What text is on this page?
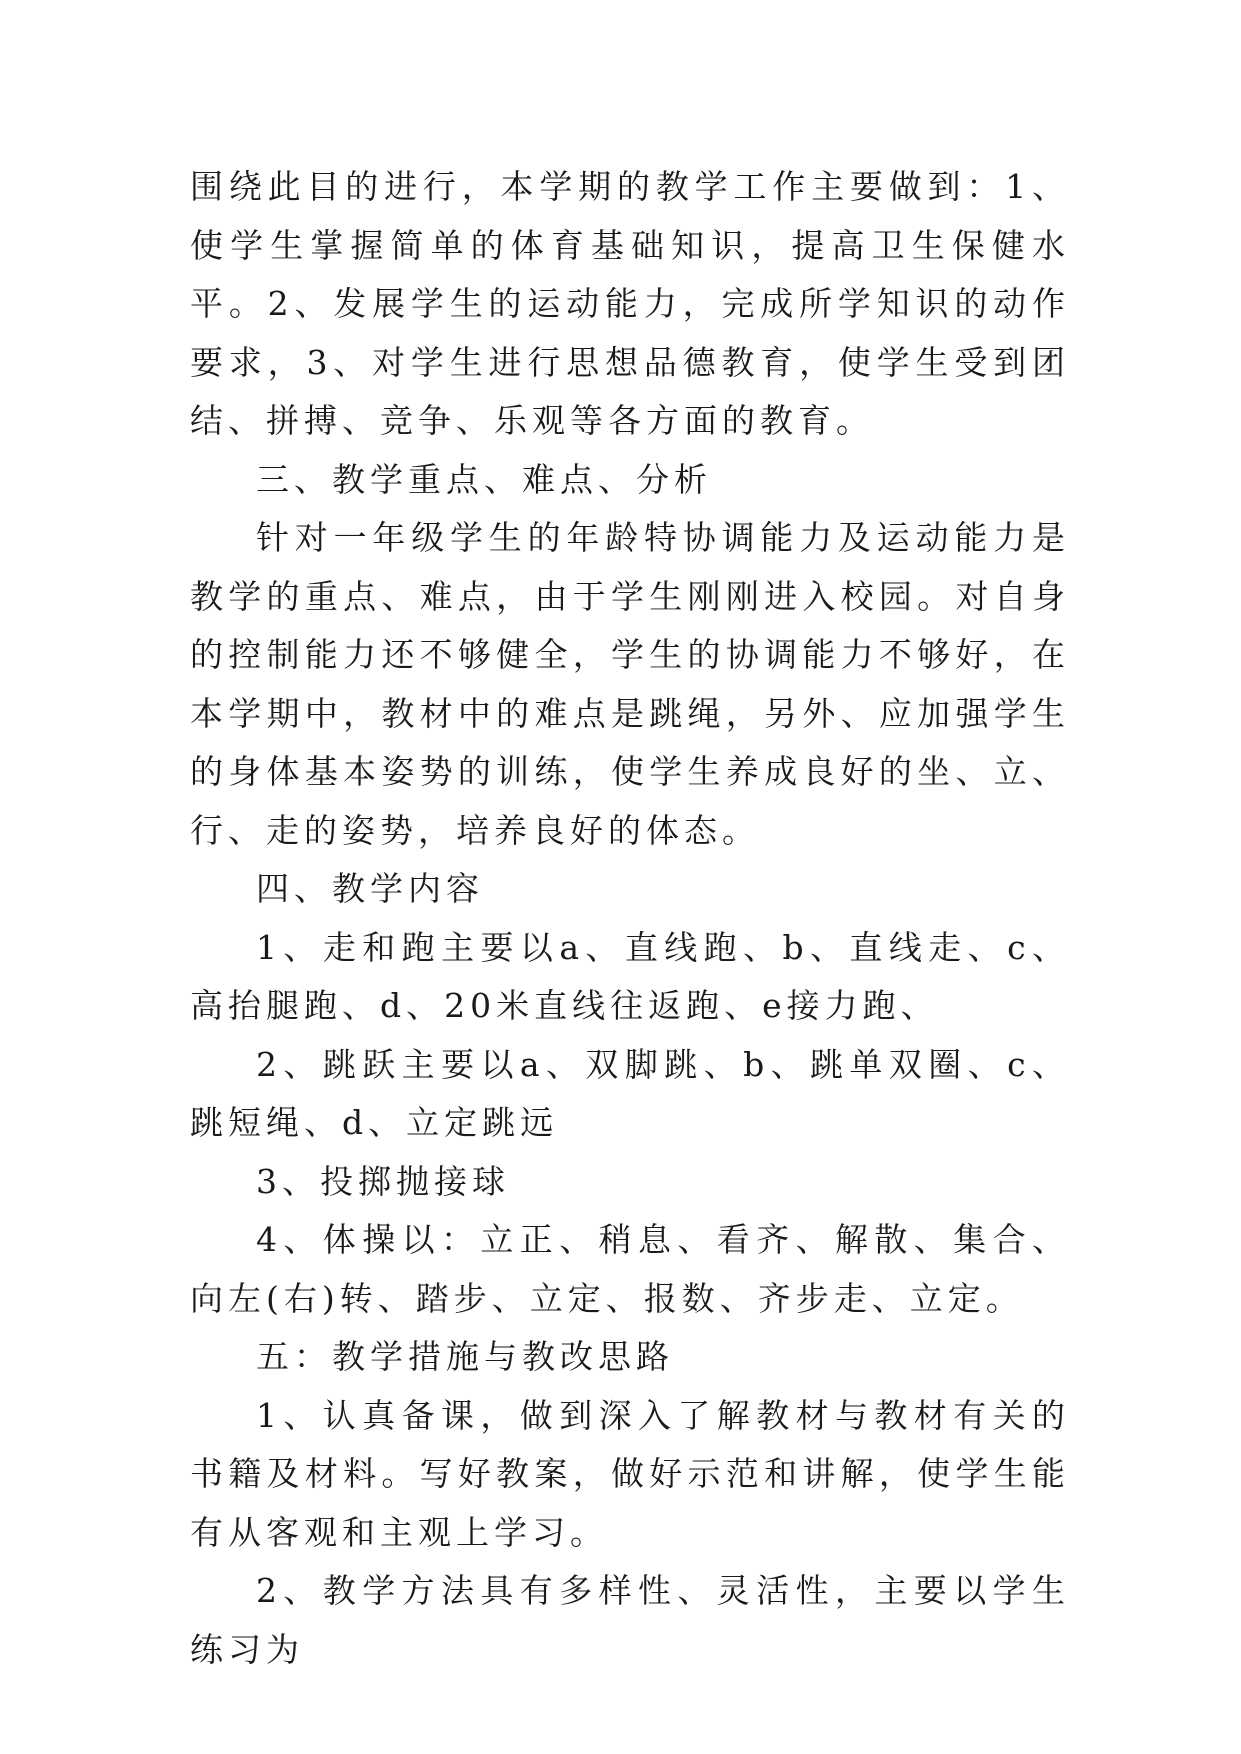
围绕此目的进行，本学期的教学工作主要做到：1、使学生掌握简单的体育基础知识，提高卫生保健水平。2、发展学生的运动能力，完成所学知识的动作要求，3、对学生进行思想品德教育，使学生受到团结、拼搏、竞争、乐观等各方面的教育。

三、教学重点、难点、分析

针对一年级学生的年龄特协调能力及运动能力是教学的重点、难点，由于学生刚刚进入校园。对自身的控制能力还不够健全，学生的协调能力不够好，在本学期中，教材中的难点是跳绳，另外、应加强学生的身体基本姿势的训练，使学生养成良好的坐、立、行、走的姿势，培养良好的体态。

四、教学内容

1、走和跑主要以a、直线跑、b、直线走、c、高抬腿跑、d、20米直线往返跑、e接力跑、

2、跳跃主要以a、双脚跳、b、跳单双圈、c、跳短绳、d、立定跳远

3、投掷抛接球

4、体操以：立正、稍息、看齐、解散、集合、向左(右)转、踏步、立定、报数、齐步走、立定。

五：教学措施与教改思路

1、认真备课，做到深入了解教材与教材有关的书籍及材料。写好教案，做好示范和讲解，使学生能有从客观和主观上学习。

2、教学方法具有多样性、灵活性，主要以学生练习为
